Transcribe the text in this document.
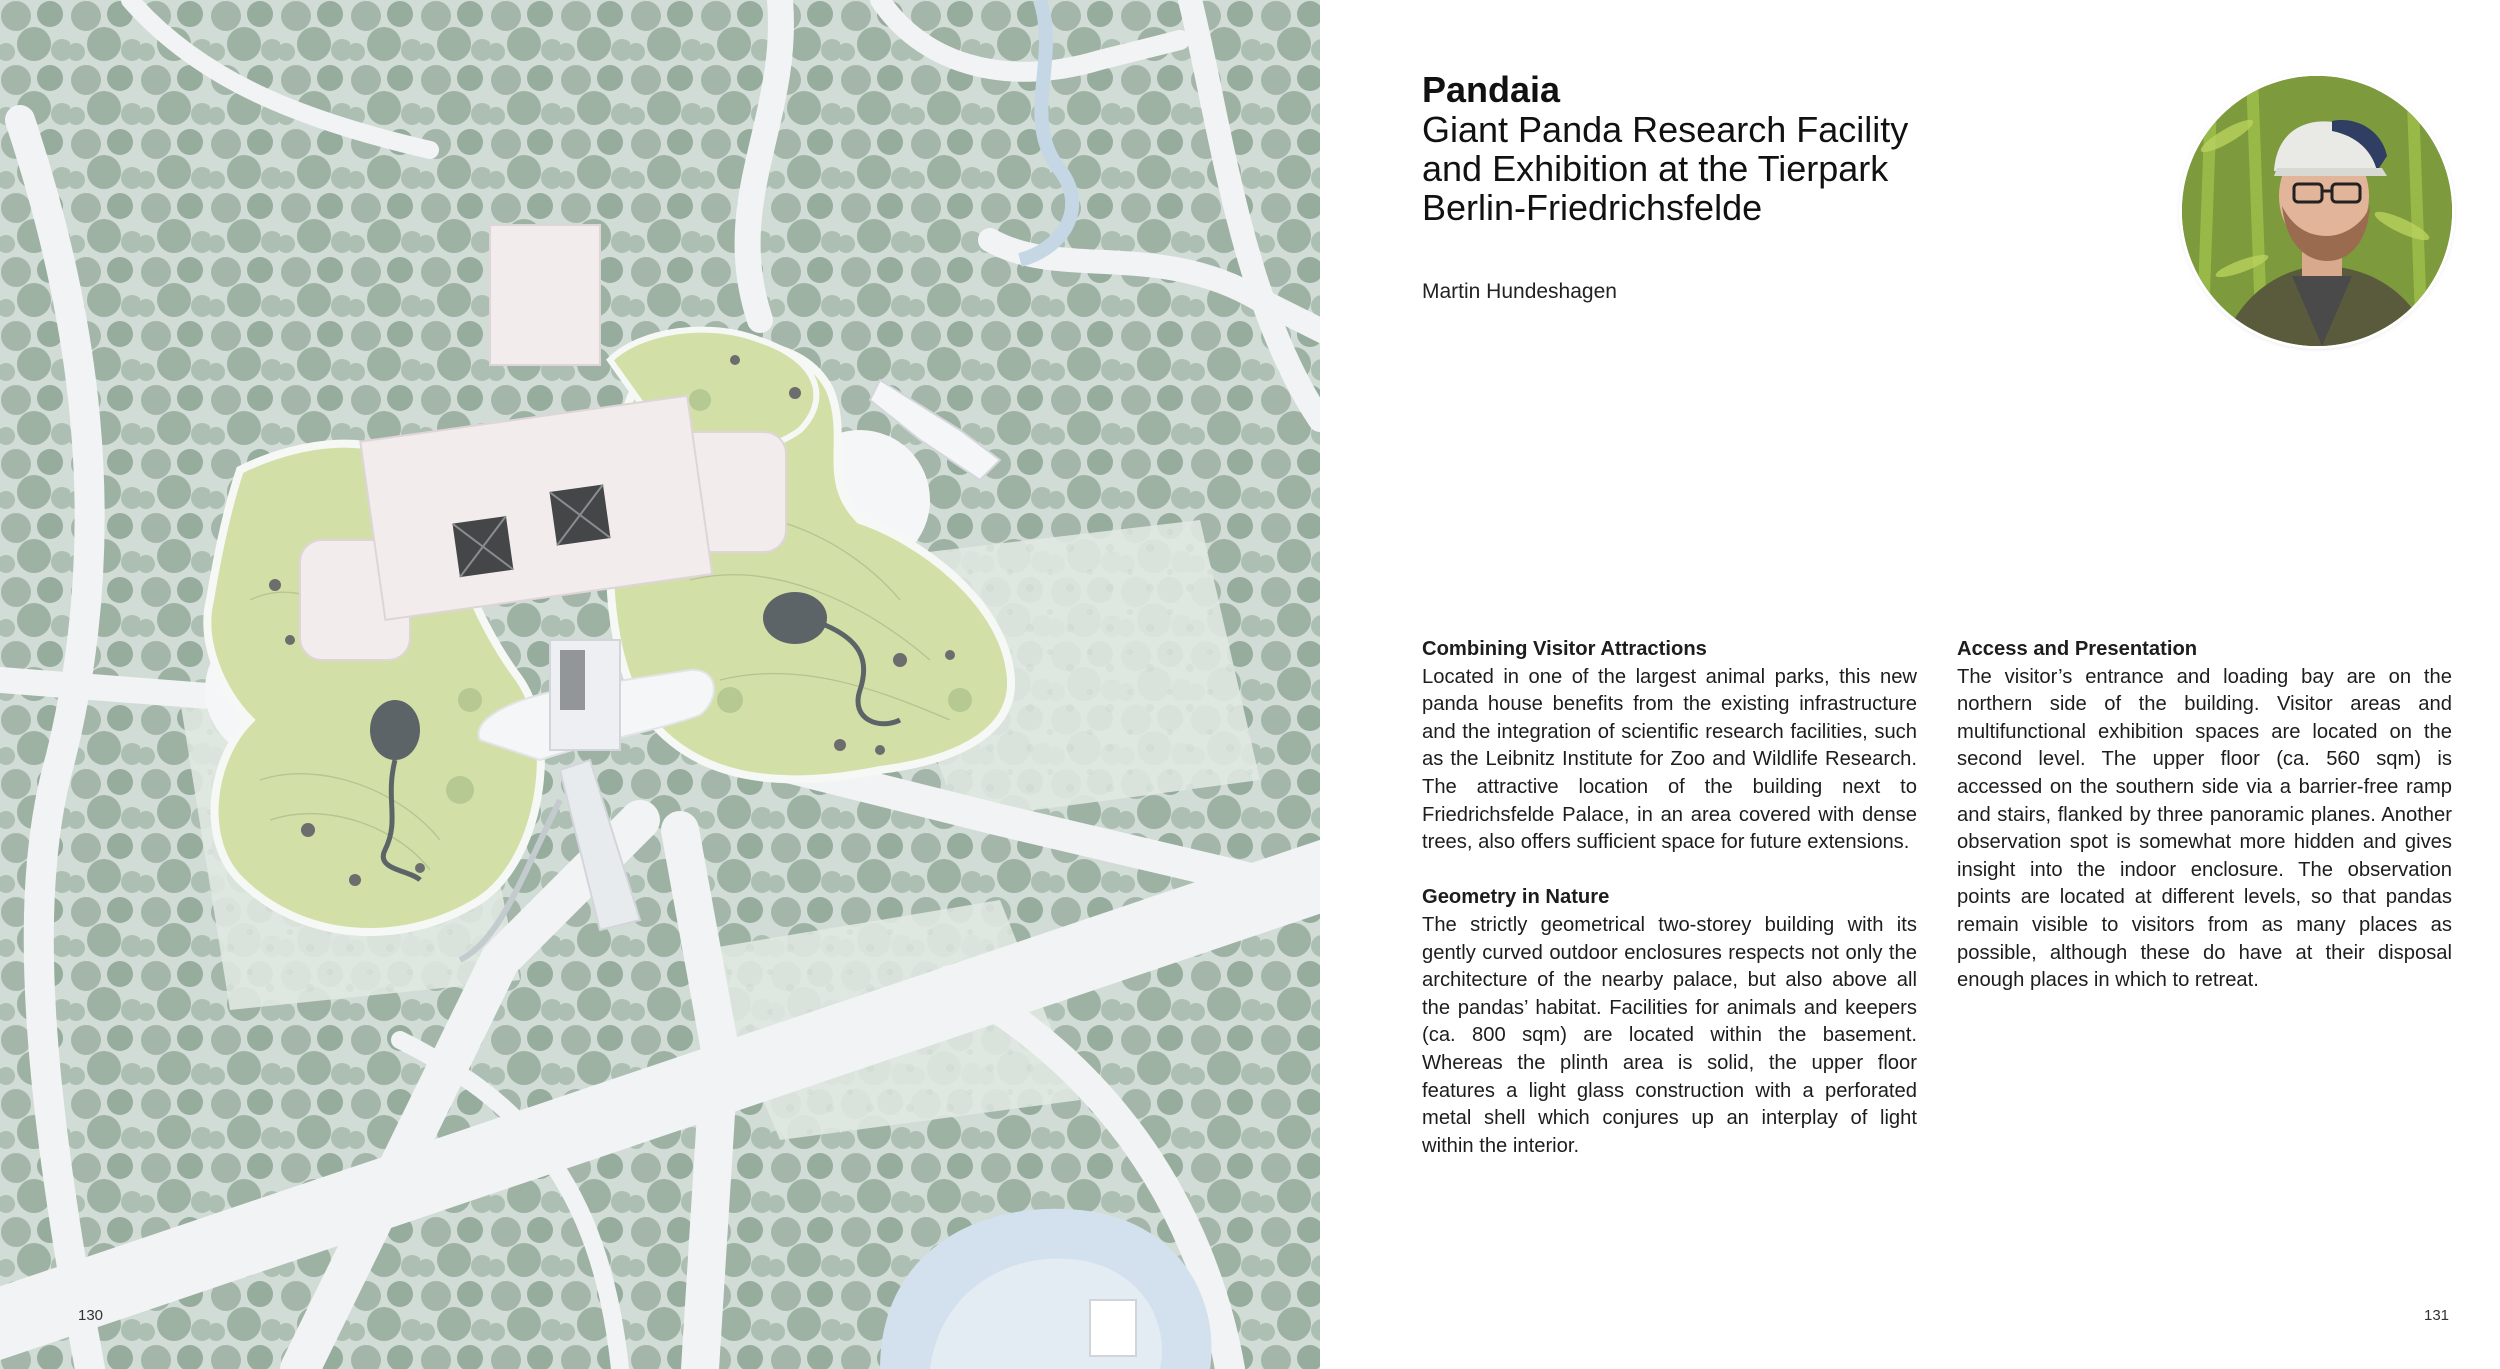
130
Pandaia
Giant Panda Research Facility
and Exhibition at the Tierpark
Berlin-Friedrichsfelde
Martin Hundeshagen
Combining Visitor Attractions

Located in one of the largest animal parks, this new panda house benefits from the existing infrastructure and the integration of scientific research facilities, such as the Leibnitz Institute for Zoo and Wildlife Research. The attractive location of the building next to Friedrichsfelde Palace, in an area covered with dense trees, also offers sufficient space for future extensions.

Geometry in Nature

The strictly geometrical two-storey building with its gently curved outdoor enclosures respects not only the architecture of the nearby palace, but also above all the pandas’ habitat. Facilities for animals and keepers (ca. 800 sqm) are located within the basement. Whereas the plinth area is solid, the upper floor features a light glass construction with a perforated metal shell which conjures up an interplay of light within the interior.

Access and Presentation

The visitor’s entrance and loading bay are on the northern side of the building. Visitor areas and multifunctional exhibition spaces are located on the second level. The upper floor (ca. 560 sqm) is accessed on the southern side via a barrier-free ramp and stairs, flanked by three panoramic planes. Another observation spot is somewhat more hidden and gives insight into the indoor enclosure. The observation points are located at different levels, so that pandas remain visible to visitors from as many places as possible, although these do have at their disposal enough places in which to retreat.

131
